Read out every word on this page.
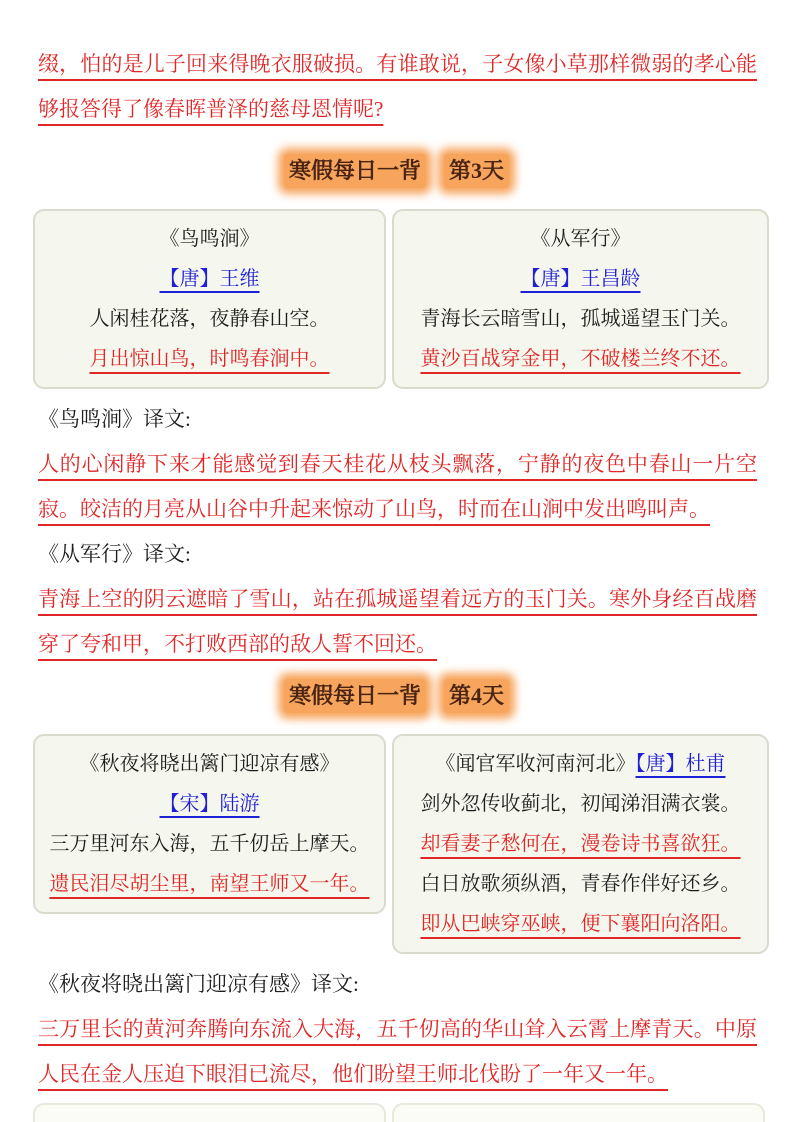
缀，怕的是儿子回来得晚衣服破损。有谁敢说，子女像小草那样微弱的孝心能够报答得了像春晖普泽的慈母恩情呢?

寒假每日一背 第3天
《鸟鸣涧》
【唐】王维
人闲桂花落，夜静春山空。
月出惊山鸟，时鸣春涧中。
《从军行》
【唐】王昌龄
青海长云暗雪山，孤城遥望玉门关。
黄沙百战穿金甲，不破楼兰终不还。
《鸟鸣涧》译文:

人的心闲静下来才能感觉到春天桂花从枝头飘落，宁静的夜色中春山一片空寂。皎洁的月亮从山谷中升起来惊动了山鸟，时而在山涧中发出鸣叫声。

《从军行》译文:

青海上空的阴云遮暗了雪山，站在孤城遥望着远方的玉门关。寒外身经百战磨穿了夸和甲，不打败西部的敌人誓不回还。

寒假每日一背 第4天
《秋夜将晓出篱门迎凉有感》
【宋】陆游
三万里河东入海，五千仞岳上摩天。
遗民泪尽胡尘里，南望王师又一年。
《闻官军收河南河北》【唐】杜甫
剑外忽传收蓟北，初闻涕泪满衣裳。
却看妻子愁何在，漫卷诗书喜欲狂。
白日放歌须纵酒，青春作伴好还乡。
即从巴峡穿巫峡，便下襄阳向洛阳。
《秋夜将晓出篱门迎凉有感》译文:

三万里长的黄河奔腾向东流入大海，五千仞高的华山耸入云霄上摩青天。中原人民在金人压迫下眼泪已流尽，他们盼望王师北伐盼了一年又一年。
